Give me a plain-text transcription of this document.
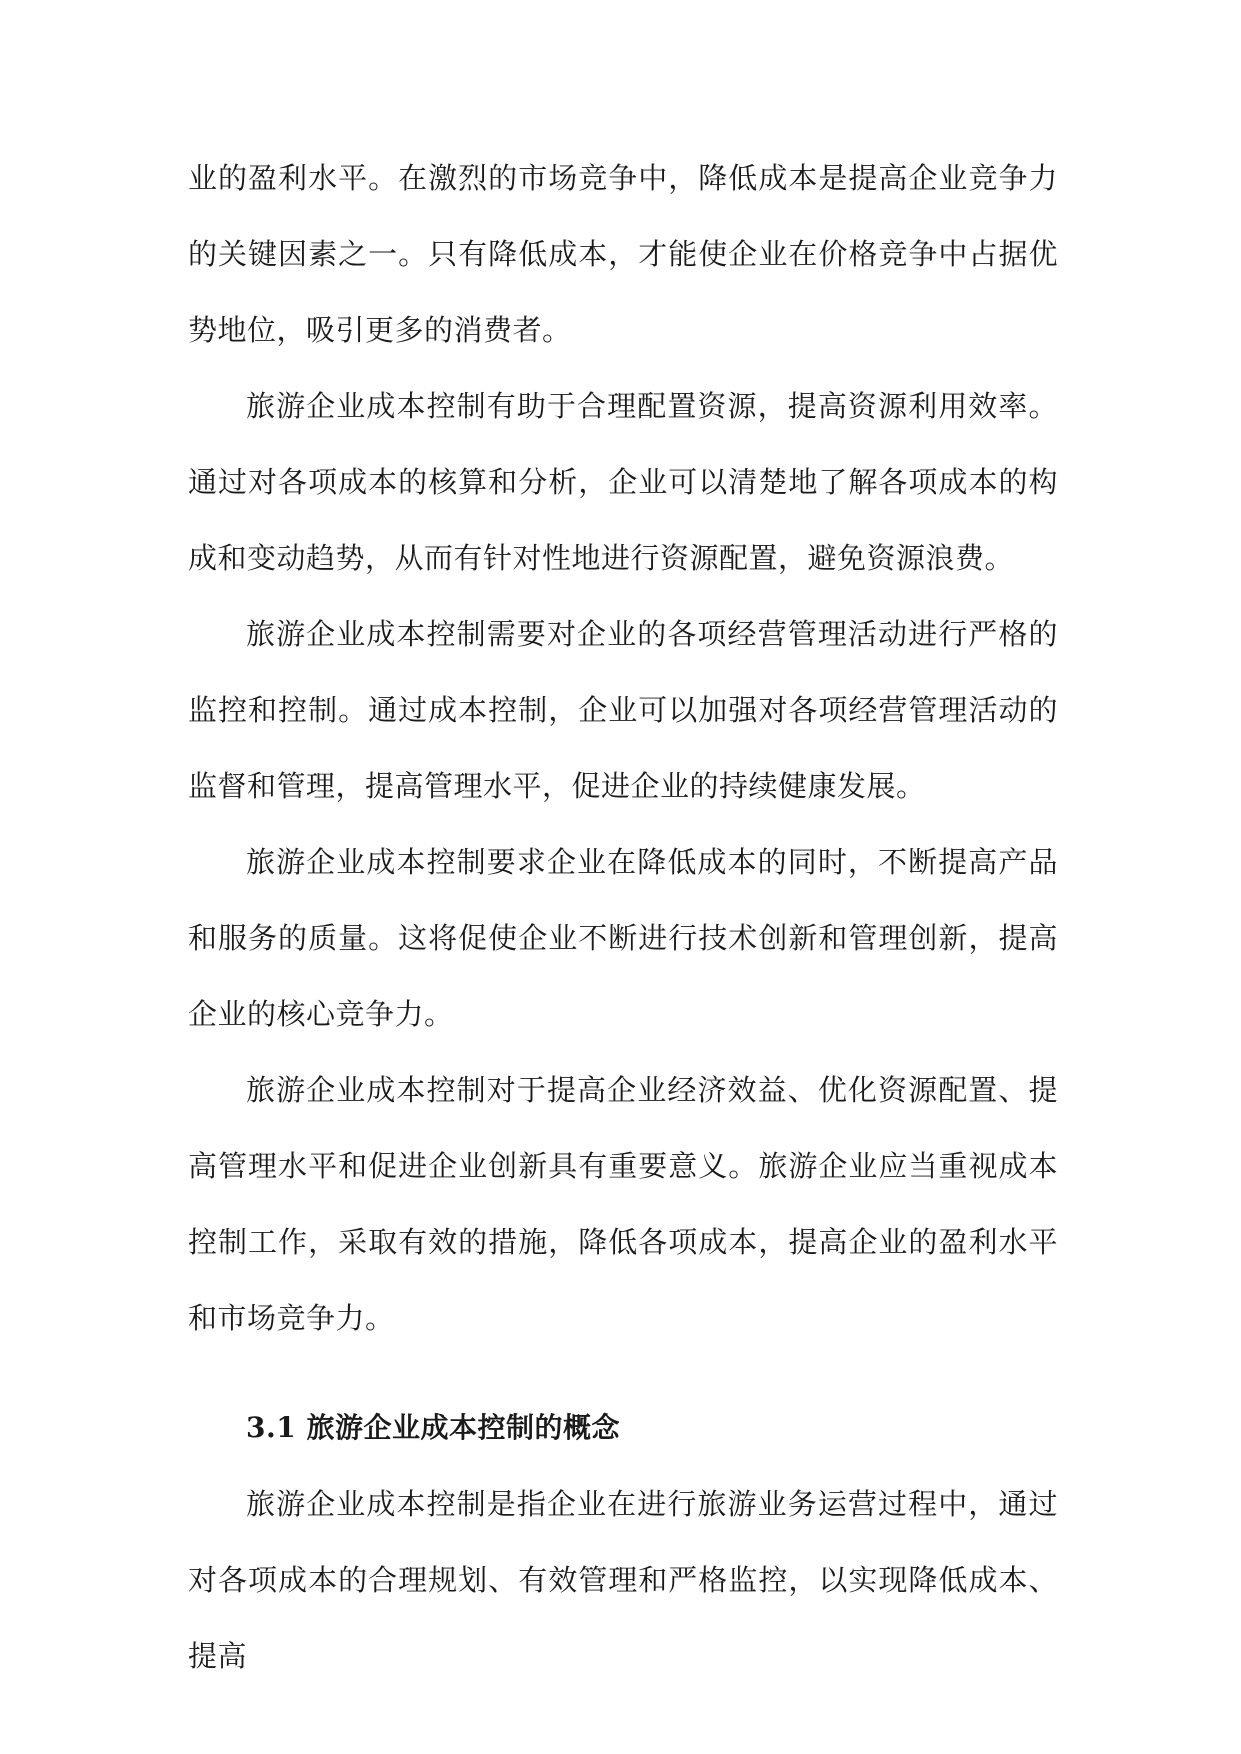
业的盈利水平。在激烈的市场竞争中，降低成本是提高企业竞争力的关键因素之一。只有降低成本，才能使企业在价格竞争中占据优势地位，吸引更多的消费者。

旅游企业成本控制有助于合理配置资源，提高资源利用效率。通过对各项成本的核算和分析，企业可以清楚地了解各项成本的构成和变动趋势，从而有针对性地进行资源配置，避免资源浪费。

旅游企业成本控制需要对企业的各项经营管理活动进行严格的监控和控制。通过成本控制，企业可以加强对各项经营管理活动的监督和管理，提高管理水平，促进企业的持续健康发展。

旅游企业成本控制要求企业在降低成本的同时，不断提高产品和服务的质量。这将促使企业不断进行技术创新和管理创新，提高企业的核心竞争力。

旅游企业成本控制对于提高企业经济效益、优化资源配置、提高管理水平和促进企业创新具有重要意义。旅游企业应当重视成本控制工作，采取有效的措施，降低各项成本，提高企业的盈利水平和市场竞争力。

3.1 旅游企业成本控制的概念

旅游企业成本控制是指企业在进行旅游业务运营过程中，通过对各项成本的合理规划、有效管理和严格监控，以实现降低成本、提高
